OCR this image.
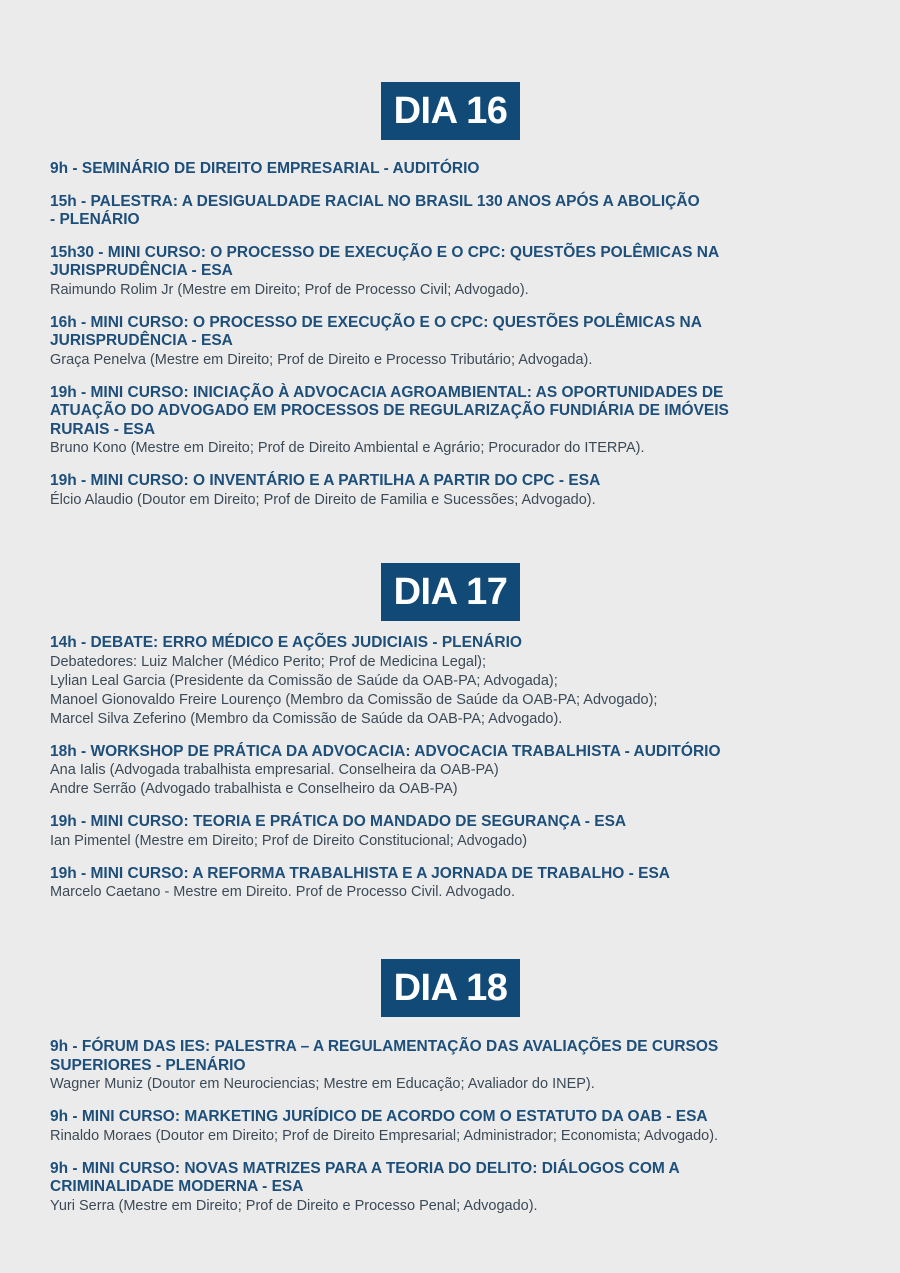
DIA 16

9h - SEMINÁRIO DE DIREITO EMPRESARIAL - AUDITÓRIO

15h - PALESTRA: A DESIGUALDADE RACIAL NO BRASIL 130 ANOS APÓS A ABOLIÇÃO
- PLENÁRIO

15h30 - MINI CURSO: O PROCESSO DE EXECUÇÃO E O CPC: QUESTÕES POLÊMICAS NA
JURISPRUDÊNCIA - ESA

Raimundo Rolim Jr (Mestre em Direito; Prof de Processo Civil; Advogado).

16h - MINI CURSO: O PROCESSO DE EXECUÇÃO E O CPC: QUESTÕES POLÊMICAS NA
JURISPRUDÊNCIA - ESA

Graça Penelva (Mestre em Direito; Prof de Direito e Processo Tributário; Advogada).

19h - MINI CURSO: INICIAÇÃO À ADVOCACIA AGROAMBIENTAL: AS OPORTUNIDADES DE
ATUAÇÃO DO ADVOGADO EM PROCESSOS DE REGULARIZAÇÃO FUNDIÁRIA DE IMÓVEIS
RURAIS - ESA

Bruno Kono (Mestre em Direito; Prof de Direito Ambiental e Agrário; Procurador do ITERPA).

19h - MINI CURSO: O INVENTÁRIO E A PARTILHA A PARTIR DO CPC - ESA

Élcio Alaudio (Doutor em Direito; Prof de Direito de Familia e Sucessões; Advogado).

DIA 17

14h - DEBATE: ERRO MÉDICO E AÇÕES JUDICIAIS - PLENÁRIO

Debatedores: Luiz Malcher (Médico Perito; Prof de Medicina Legal);
Lylian Leal Garcia (Presidente da Comissão de Saúde da OAB-PA; Advogada);
Manoel Gionovaldo Freire Lourenço (Membro da Comissão de Saúde da OAB-PA; Advogado);
Marcel Silva Zeferino (Membro da Comissão de Saúde da OAB-PA; Advogado).

18h - WORKSHOP DE PRÁTICA DA ADVOCACIA: ADVOCACIA TRABALHISTA - AUDITÓRIO

Ana Ialis (Advogada trabalhista empresarial. Conselheira da OAB-PA)
Andre Serrão (Advogado trabalhista e Conselheiro da OAB-PA)

19h - MINI CURSO: TEORIA E PRÁTICA DO MANDADO DE SEGURANÇA - ESA

Ian Pimentel (Mestre em Direito; Prof de Direito Constitucional; Advogado)

19h - MINI CURSO: A REFORMA TRABALHISTA E A JORNADA DE TRABALHO - ESA

Marcelo Caetano - Mestre em Direito. Prof de Processo Civil. Advogado.

DIA 18

9h - FÓRUM DAS IES: PALESTRA – A REGULAMENTAÇÃO DAS AVALIAÇÕES DE CURSOS
SUPERIORES - PLENÁRIO

Wagner Muniz (Doutor em Neurociencias; Mestre em Educação; Avaliador do INEP).

9h - MINI CURSO: MARKETING JURÍDICO DE ACORDO COM O ESTATUTO DA OAB - ESA

Rinaldo Moraes (Doutor em Direito; Prof de Direito Empresarial; Administrador; Economista; Advogado).

9h - MINI CURSO: NOVAS MATRIZES PARA A TEORIA DO DELITO: DIÁLOGOS COM A
CRIMINALIDADE MODERNA - ESA

Yuri Serra (Mestre em Direito; Prof de Direito e Processo Penal; Advogado).
